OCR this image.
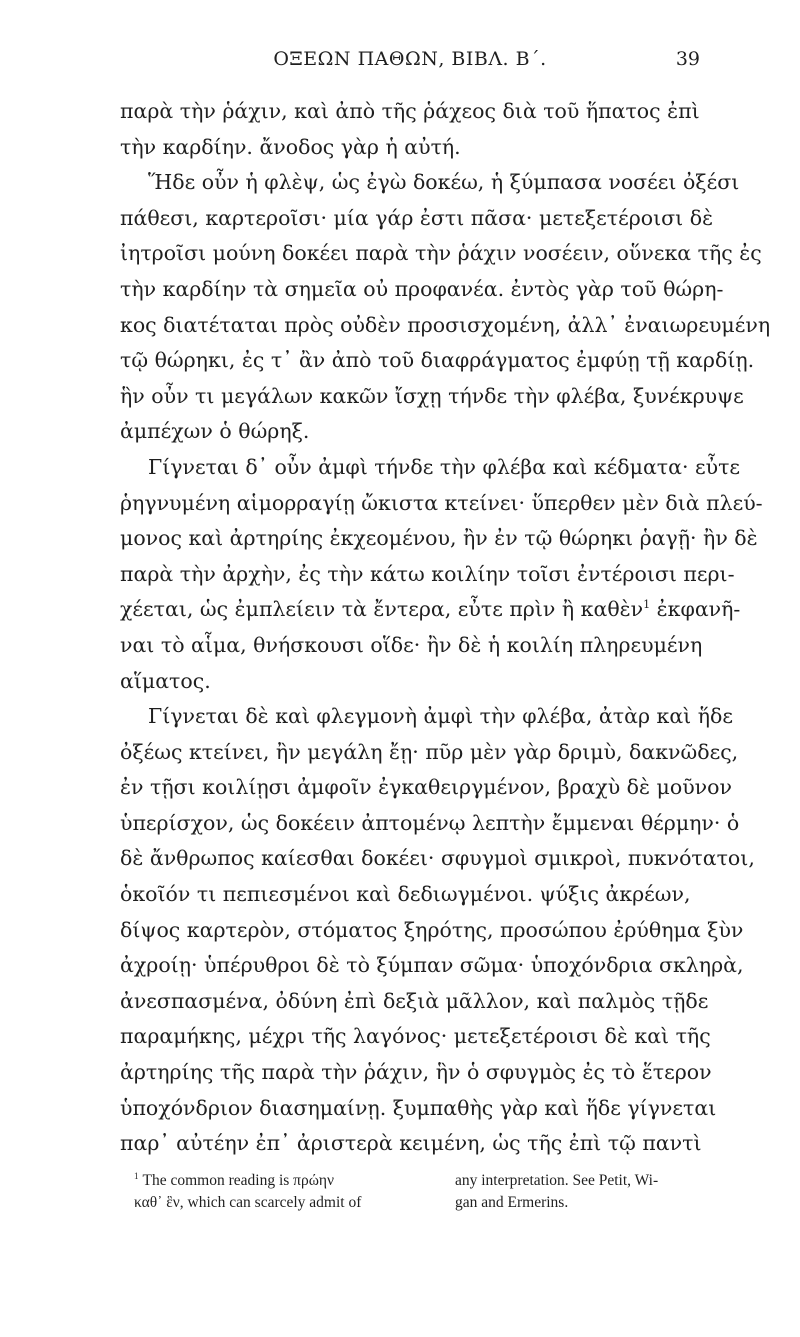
ΟΞΕΩΝ ΠΑΘΩΝ, ΒΙΒΛ. Β΄.	39
παρὰ τὴν ῥάχιν, καὶ ἀπὸ τῆς ῥάχεος διὰ τοῦ ἥπατος ἐπὶ
τὴν καρδίην. ἄνοδος γὰρ ἡ αὐτή.
Ἥδε οὖν ἡ φλὲψ, ὡς ἐγὼ δοκέω, ἡ ξύμπασα νοσέει ὀξέσι
πάθεσι, καρτεροῖσι· μία γάρ ἐστι πᾶσα· μετεξετέροισι δὲ
ἰητροῖσι μούνη δοκέει παρὰ τὴν ῥάχιν νοσέειν, οὕνεκα τῆς ἐς
τὴν καρδίην τὰ σημεῖα οὐ προφανέα. ἐντὸς γὰρ τοῦ θώρη-
κος διατέταται πρὸς οὐδὲν προσισχομένη, ἀλλ᾽ ἐναιωρευμένη
τῷ θώρηκι, ἐς τ᾽ ἂν ἀπὸ τοῦ διαφράγματος ἐμφύῃ τῇ καρδίῃ.
ἣν οὖν τι μεγάλων κακῶν ἴσχῃ τήνδε τὴν φλέβα, ξυνέκρυψε
ἀμπέχων ὁ θώρηξ.
Γίγνεται δ᾽ οὖν ἀμφὶ τήνδε τὴν φλέβα καὶ κέδματα· εὖτε
ῥηγνυμένη αἱμορραγίῃ ὤκιστα κτείνει· ὕπερθεν μὲν διὰ πλεύ-
μονος καὶ ἀρτηρίης ἐκχεομένου, ἢν ἐν τῷ θώρηκι ῥαγῇ· ἢν δὲ
παρὰ τὴν ἀρχὴν, ἐς τὴν κάτω κοιλίην τοῖσι ἐντέροισι περι-
χέεται, ὡς ἐμπλείειν τὰ ἔντερα, εὖτε πρὶν ἢ καθὲν$^1$ ἐκφανῆ-
ναι τὸ αἷμα, θνήσκουσι οἵδε· ἢν δὲ ἡ κοιλίη πληρευμένη
αἵματος.
Γίγνεται δὲ καὶ φλεγμονὴ ἀμφὶ τὴν φλέβα, ἀτὰρ καὶ ἥδε
ὀξέως κτείνει, ἢν μεγάλη ἔῃ· πῦρ μὲν γὰρ δριμὺ, δακνῶδες,
ἐν τῇσι κοιλίῃσι ἀμφοῖν ἐγκαθειργμένον, βραχὺ δὲ μοῦνον
ὑπερίσχον, ὡς δοκέειν ἀπτομένῳ λεπτὴν ἔμμεναι θέρμην· ὁ
δὲ ἄνθρωπος καίεσθαι δοκέει· σφυγμοὶ σμικροὶ, πυκνότατοι,
ὁκοῖόν τι πεπιεσμένοι καὶ δεδιωγμένοι. ψύξις ἀκρέων,
δίψος καρτερὸν, στόματος ξηρότης, προσώπου ἐρύθημα ξὺν
ἀχροίῃ· ὑπέρυθροι δὲ τὸ ξύμπαν σῶμα· ὑποχόνδρια σκληρὰ,
ἀνεσπασμένα, ὀδύνη ἐπὶ δεξιὰ μᾶλλον, καὶ παλμὸς τῇδε
παραμήκης, μέχρι τῆς λαγόνος· μετεξετέροισι δὲ καὶ τῆς
ἀρτηρίης τῆς παρὰ τὴν ῥάχιν, ἣν ὁ σφυγμὸς ἐς τὸ ἕτερον
ὑποχόνδριον διασημαίνῃ. ξυμπαθὴς γὰρ καὶ ἥδε γίγνεται
παρ᾽ αὐτέην ἐπ᾽ ἀριστερὰ κειμένη, ὡς τῆς ἐπὶ τῷ παντὶ
$^1$ The common reading is πρώην	any interpretation. See Petit, Wi-
καθ᾽ ἓν, which can scarcely admit of	gan and Ermerins.
